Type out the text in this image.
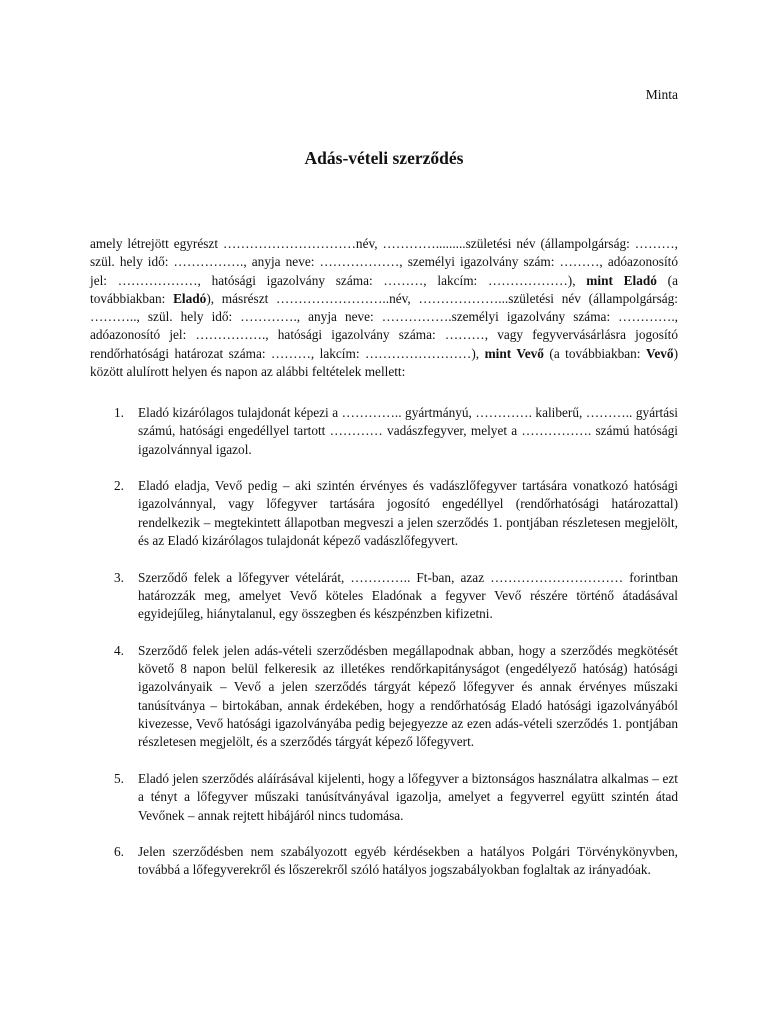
Minta
Adás-vételi szerződés
amely létrejött egyrészt …………………………név, ………….........születési név (állampolgárság: ………, szül. hely idő: ……………., anyja neve: ………………, személyi igazolvány szám: ………, adóazonosító jel: ………………, hatósági igazolvány száma: ………, lakcím: ………………), mint Eladó (a továbbiakban: Eladó), másrészt ……………………..név, ………………...születési név (állampolgárság: ……….., szül. hely idő: …………., anyja neve: …………….személyi igazolvány száma: …………., adóazonosító jel: ……………., hatósági igazolvány száma: ………, vagy fegyvervásárlásra jogosító rendőrhatósági határozat száma: ………, lakcím: ……………………), mint Vevő (a továbbiakban: Vevő) között alulírott helyen és napon az alábbi feltételek mellett:
1. Eladó kizárólagos tulajdonát képezi a ………….. gyártmányú, …………. kaliberű, ……….. gyártási számú, hatósági engedéllyel tartott ………… vadászfegyver, melyet a ……………. számú hatósági igazolvánnyal igazol.
2. Eladó eladja, Vevő pedig – aki szintén érvényes és vadászlőfegyver tartására vonatkozó hatósági igazolvánnyal, vagy lőfegyver tartására jogosító engedéllyel (rendőrhatósági határozattal) rendelkezik – megtekintett állapotban megveszi a jelen szerződés 1. pontjában részletesen megjelölt, és az Eladó kizárólagos tulajdonát képező vadászlőfegyvert.
3. Szerződő felek a lőfegyver vételárát, ………….. Ft-ban, azaz ………………………… forintban határozzák meg, amelyet Vevő köteles Eladónak a fegyver Vevő részére történő átadásával egyidejűleg, hiánytalanul, egy összegben és készpénzben kifizetni.
4. Szerződő felek jelen adás-vételi szerződésben megállapodnak abban, hogy a szerződés megkötését követő 8 napon belül felkeresik az illetékes rendőrkapitányságot (engedélyező hatóság) hatósági igazolványaik – Vevő a jelen szerződés tárgyát képező lőfegyver és annak érvényes műszaki tanúsítványa – birtokában, annak érdekében, hogy a rendőrhatóság Eladó hatósági igazolványából kivezesse, Vevő hatósági igazolványába pedig bejegyezze az ezen adás-vételi szerződés 1. pontjában részletesen megjelölt, és a szerződés tárgyát képező lőfegyvert.
5. Eladó jelen szerződés aláírásával kijelenti, hogy a lőfegyver a biztonságos használatra alkalmas – ezt a tényt a lőfegyver műszaki tanúsítványával igazolja, amelyet a fegyverrel együtt szintén átad Vevőnek – annak rejtett hibájáról nincs tudomása.
6. Jelen szerződésben nem szabályozott egyéb kérdésekben a hatályos Polgári Törvénykönyvben, továbbá a lőfegyverekről és lőszerekről szóló hatályos jogszabályokban foglaltak az irányadóak.
